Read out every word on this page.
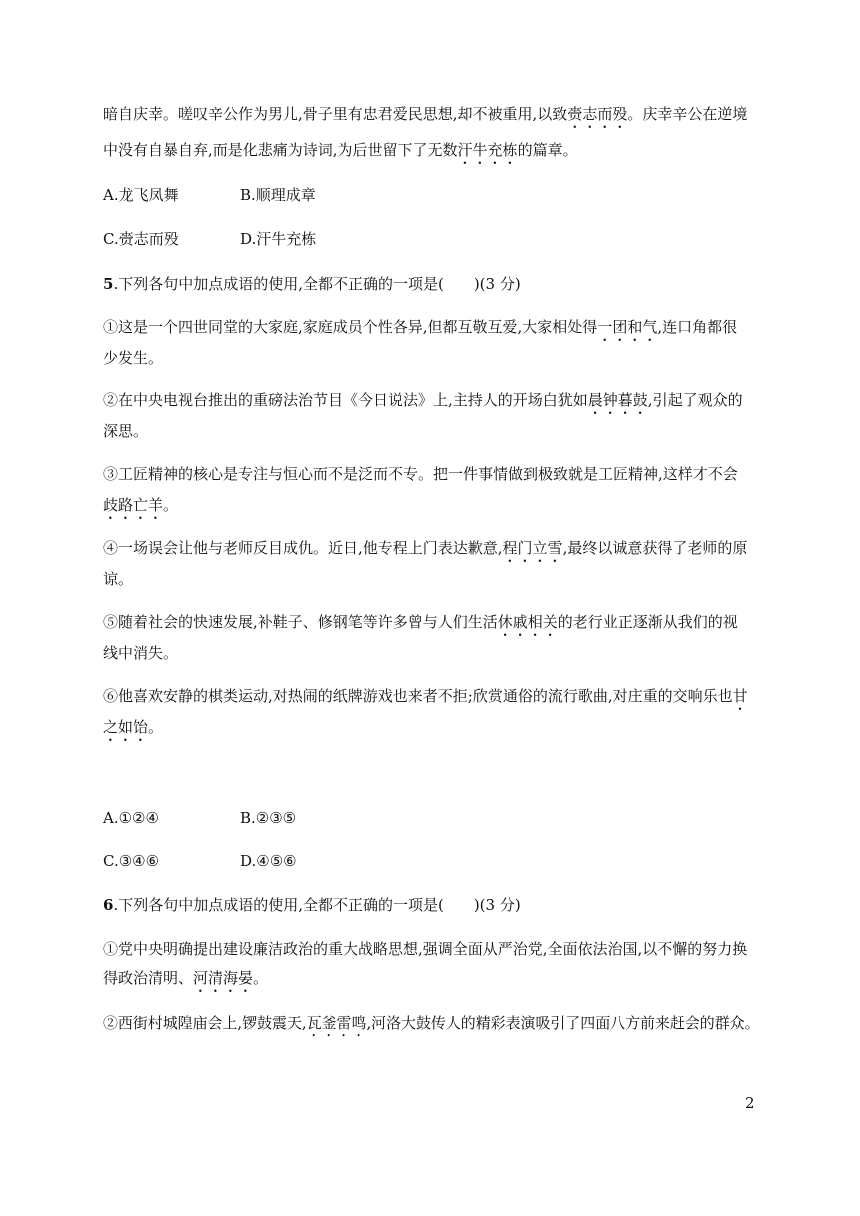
暗自庆幸。嗟叹辛公作为男儿,骨子里有忠君爱民思想,却不被重用,以致赍志而殁。庆幸辛公在逆境
中没有自暴自弃,而是化悲痛为诗词,为后世留下了无数汗牛充栋的篇章。
A.龙飞凤舞	B.顺理成章
C.赍志而殁	D.汗牛充栋
5.下列各句中加点成语的使用,全都不正确的一项是(　　)(3 分)
①这是一个四世同堂的大家庭,家庭成员个性各异,但都互敬互爱,大家相处得一团和气,连口角都很
少发生。
②在中央电视台推出的重磅法治节目《今日说法》上,主持人的开场白犹如晨钟暮鼓,引起了观众的
深思。
③工匠精神的核心是专注与恒心而不是泛而不专。把一件事情做到极致就是工匠精神,这样才不会
歧路亡羊。
④一场误会让他与老师反目成仇。近日,他专程上门表达歉意,程门立雪,最终以诚意获得了老师的原
谅。
⑤随着社会的快速发展,补鞋子、修钢笔等许多曾与人们生活休戚相关的老行业正逐渐从我们的视
线中消失。
⑥他喜欢安静的棋类运动,对热闹的纸牌游戏也来者不拒;欣赏通俗的流行歌曲,对庄重的交响乐也甘
之如饴。
A.①②④	B.②③⑤
C.③④⑥	D.④⑤⑥
6.下列各句中加点成语的使用,全都不正确的一项是(　　)(3 分)
①党中央明确提出建设廉洁政治的重大战略思想,强调全面从严治党,全面依法治国,以不懈的努力换
得政治清明、河清海晏。
②西街村城隍庙会上,锣鼓震天,瓦釜雷鸣,河洛大鼓传人的精彩表演吸引了四面八方前来赶会的群众。
2
